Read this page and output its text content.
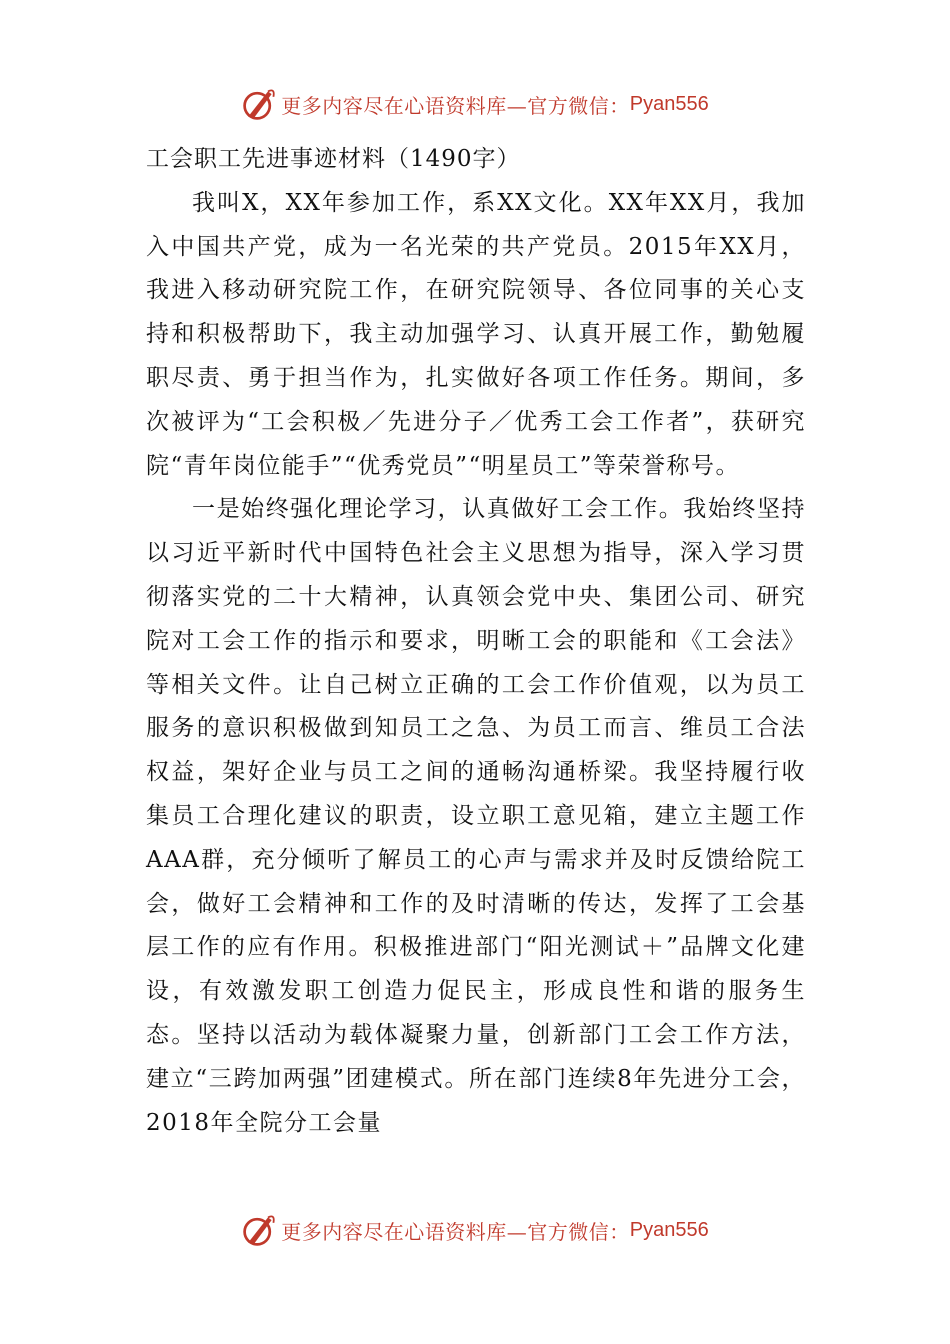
更多内容尽在心语资料库—官方微信： Pyan556

工会职工先进事迹材料（1490字）

我叫X，XX年参加工作，系XX文化。XX年XX月，我加入中国共产党，成为一名光荣的共产党员。2015年XX月，我进入移动研究院工作，在研究院领导、各位同事的关心支持和积极帮助下，我主动加强学习、认真开展工作，勤勉履职尽责、勇于担当作为，扎实做好各项工作任务。期间，多次被评为“工会积极／先进分子／优秀工会工作者”，获研究院“青年岗位能手”“优秀党员”“明星员工”等荣誉称号。

一是始终强化理论学习，认真做好工会工作。我始终坚持以习近平新时代中国特色社会主义思想为指导，深入学习贯彻落实党的二十大精神，认真领会党中央、集团公司、研究院对工会工作的指示和要求，明晰工会的职能和《工会法》等相关文件。让自己树立正确的工会工作价值观，以为员工服务的意识积极做到知员工之急、为员工而言、维员工合法权益，架好企业与员工之间的通畅沟通桥梁。我坚持履行收集员工合理化建议的职责，设立职工意见箱，建立主题工作AAA群，充分倾听了解员工的心声与需求并及时反馈给院工会，做好工会精神和工作的及时清晰的传达，发挥了工会基层工作的应有作用。积极推进部门“阳光测试＋”品牌文化建设，有效激发职工创造力促民主，形成良性和谐的服务生态。坚持以活动为载体凝聚力量，创新部门工会工作方法，建立“三跨加两强”团建模式。所在部门连续8年先进分工会，2018年全院分工会量

更多内容尽在心语资料库—官方微信： Pyan556
